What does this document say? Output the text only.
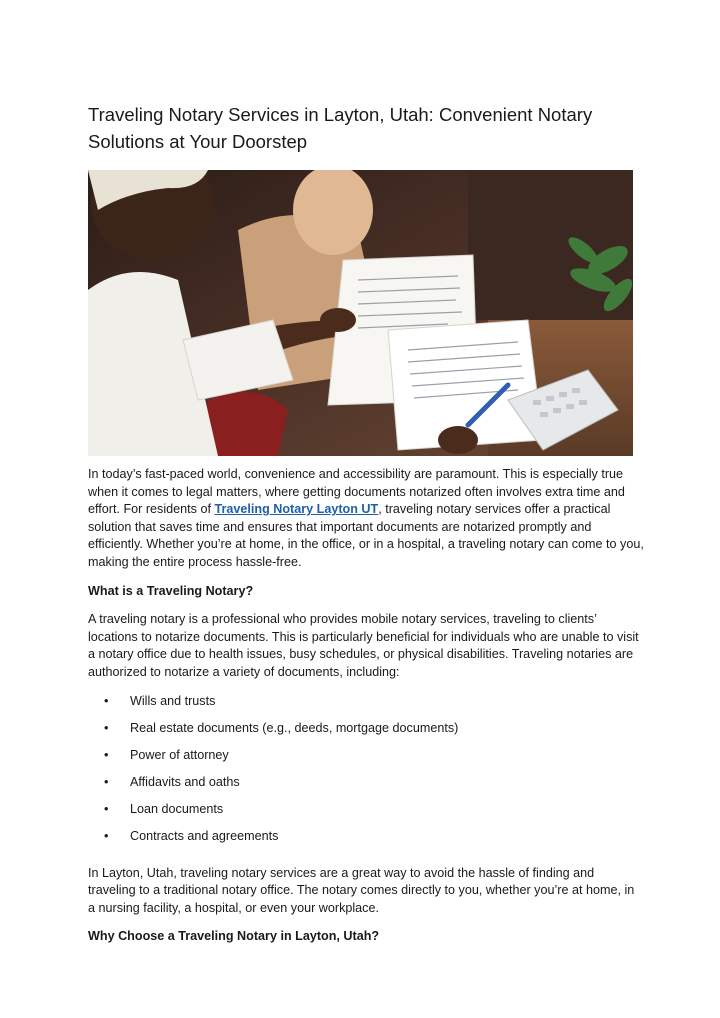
Traveling Notary Services in Layton, Utah: Convenient Notary Solutions at Your Doorstep

In today’s fast-paced world, convenience and accessibility are paramount. This is especially true when it comes to legal matters, where getting documents notarized often involves extra time and effort. For residents of Traveling Notary Layton UT, traveling notary services offer a practical solution that saves time and ensures that important documents are notarized promptly and efficiently. Whether you’re at home, in the office, or in a hospital, a traveling notary can come to you, making the entire process hassle-free.

What is a Traveling Notary?

A traveling notary is a professional who provides mobile notary services, traveling to clients’ locations to notarize documents. This is particularly beneficial for individuals who are unable to visit a notary office due to health issues, busy schedules, or physical disabilities. Traveling notaries are authorized to notarize a variety of documents, including:

• Wills and trusts
• Real estate documents (e.g., deeds, mortgage documents)
• Power of attorney
• Affidavits and oaths
• Loan documents
• Contracts and agreements

In Layton, Utah, traveling notary services are a great way to avoid the hassle of finding and traveling to a traditional notary office. The notary comes directly to you, whether you’re at home, in a nursing facility, a hospital, or even your workplace.

Why Choose a Traveling Notary in Layton, Utah?
